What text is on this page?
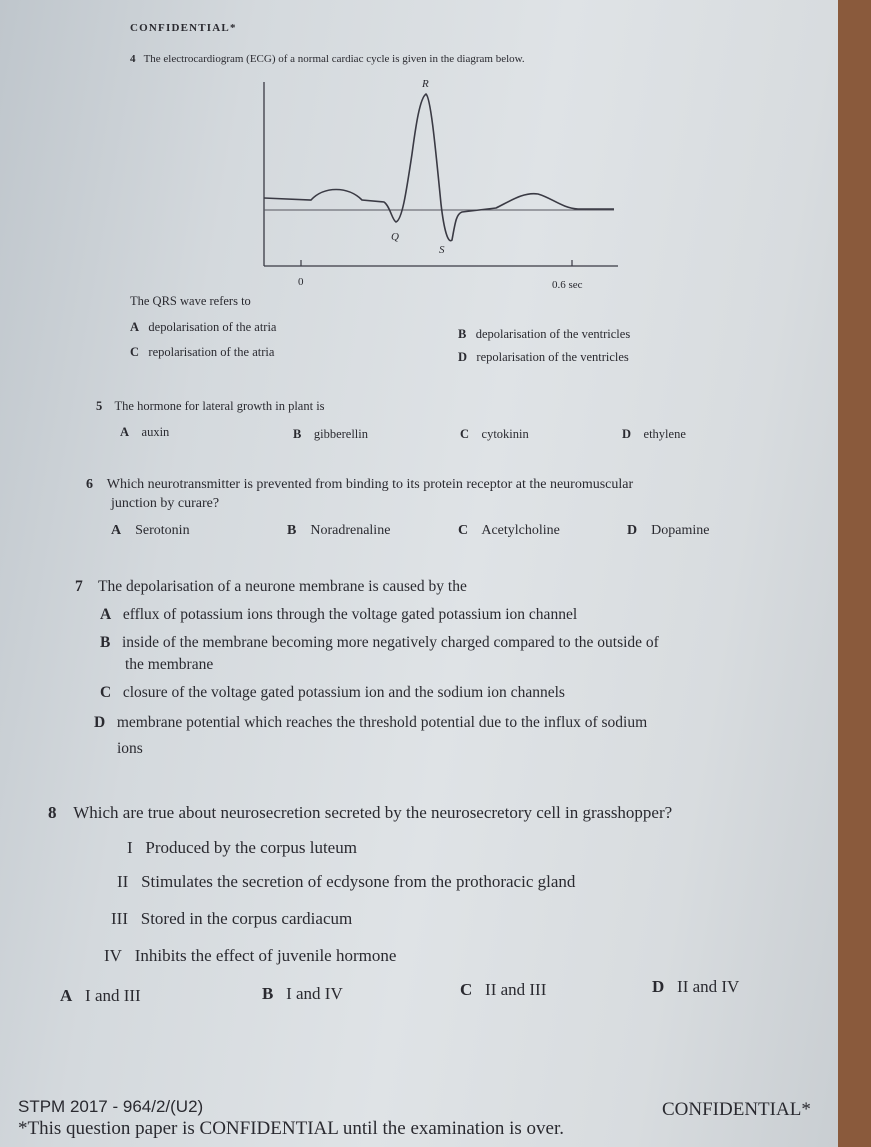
CONFIDENTIAL*
4 The electrocardiogram (ECG) of a normal cardiac cycle is given in the diagram below.
R
Q
S
0	0.6 sec
The QRS wave refers to
A depolarisation of the atria	B depolarisation of the ventricles
C repolarisation of the atria	D repolarisation of the ventricles
5 The hormone for lateral growth in plant is
A auxin	B gibberellin	C cytokinin	D ethylene
6 Which neurotransmitter is prevented from binding to its protein receptor at the neuromuscular
junction by curare?
A Serotonin	B Noradrenaline	C Acetylcholine	D Dopamine
7 The depolarisation of a neurone membrane is caused by the
A efflux of potassium ions through the voltage gated potassium ion channel
B inside of the membrane becoming more negatively charged compared to the outside of
the membrane
C closure of the voltage gated potassium ion and the sodium ion channels
D membrane potential which reaches the threshold potential due to the influx of sodium
ions
8 Which are true about neurosecretion secreted by the neurosecretory cell in grasshopper?
I Produced by the corpus luteum
II Stimulates the secretion of ecdysone from the prothoracic gland
III Stored in the corpus cardiacum
IV Inhibits the effect of juvenile hormone
A I and III	B I and IV	C II and III	D II and IV
STPM 2017 - 964/2/(U2)
*This question paper is CONFIDENTIAL until the examination is over.
CONFIDENTIAL*
